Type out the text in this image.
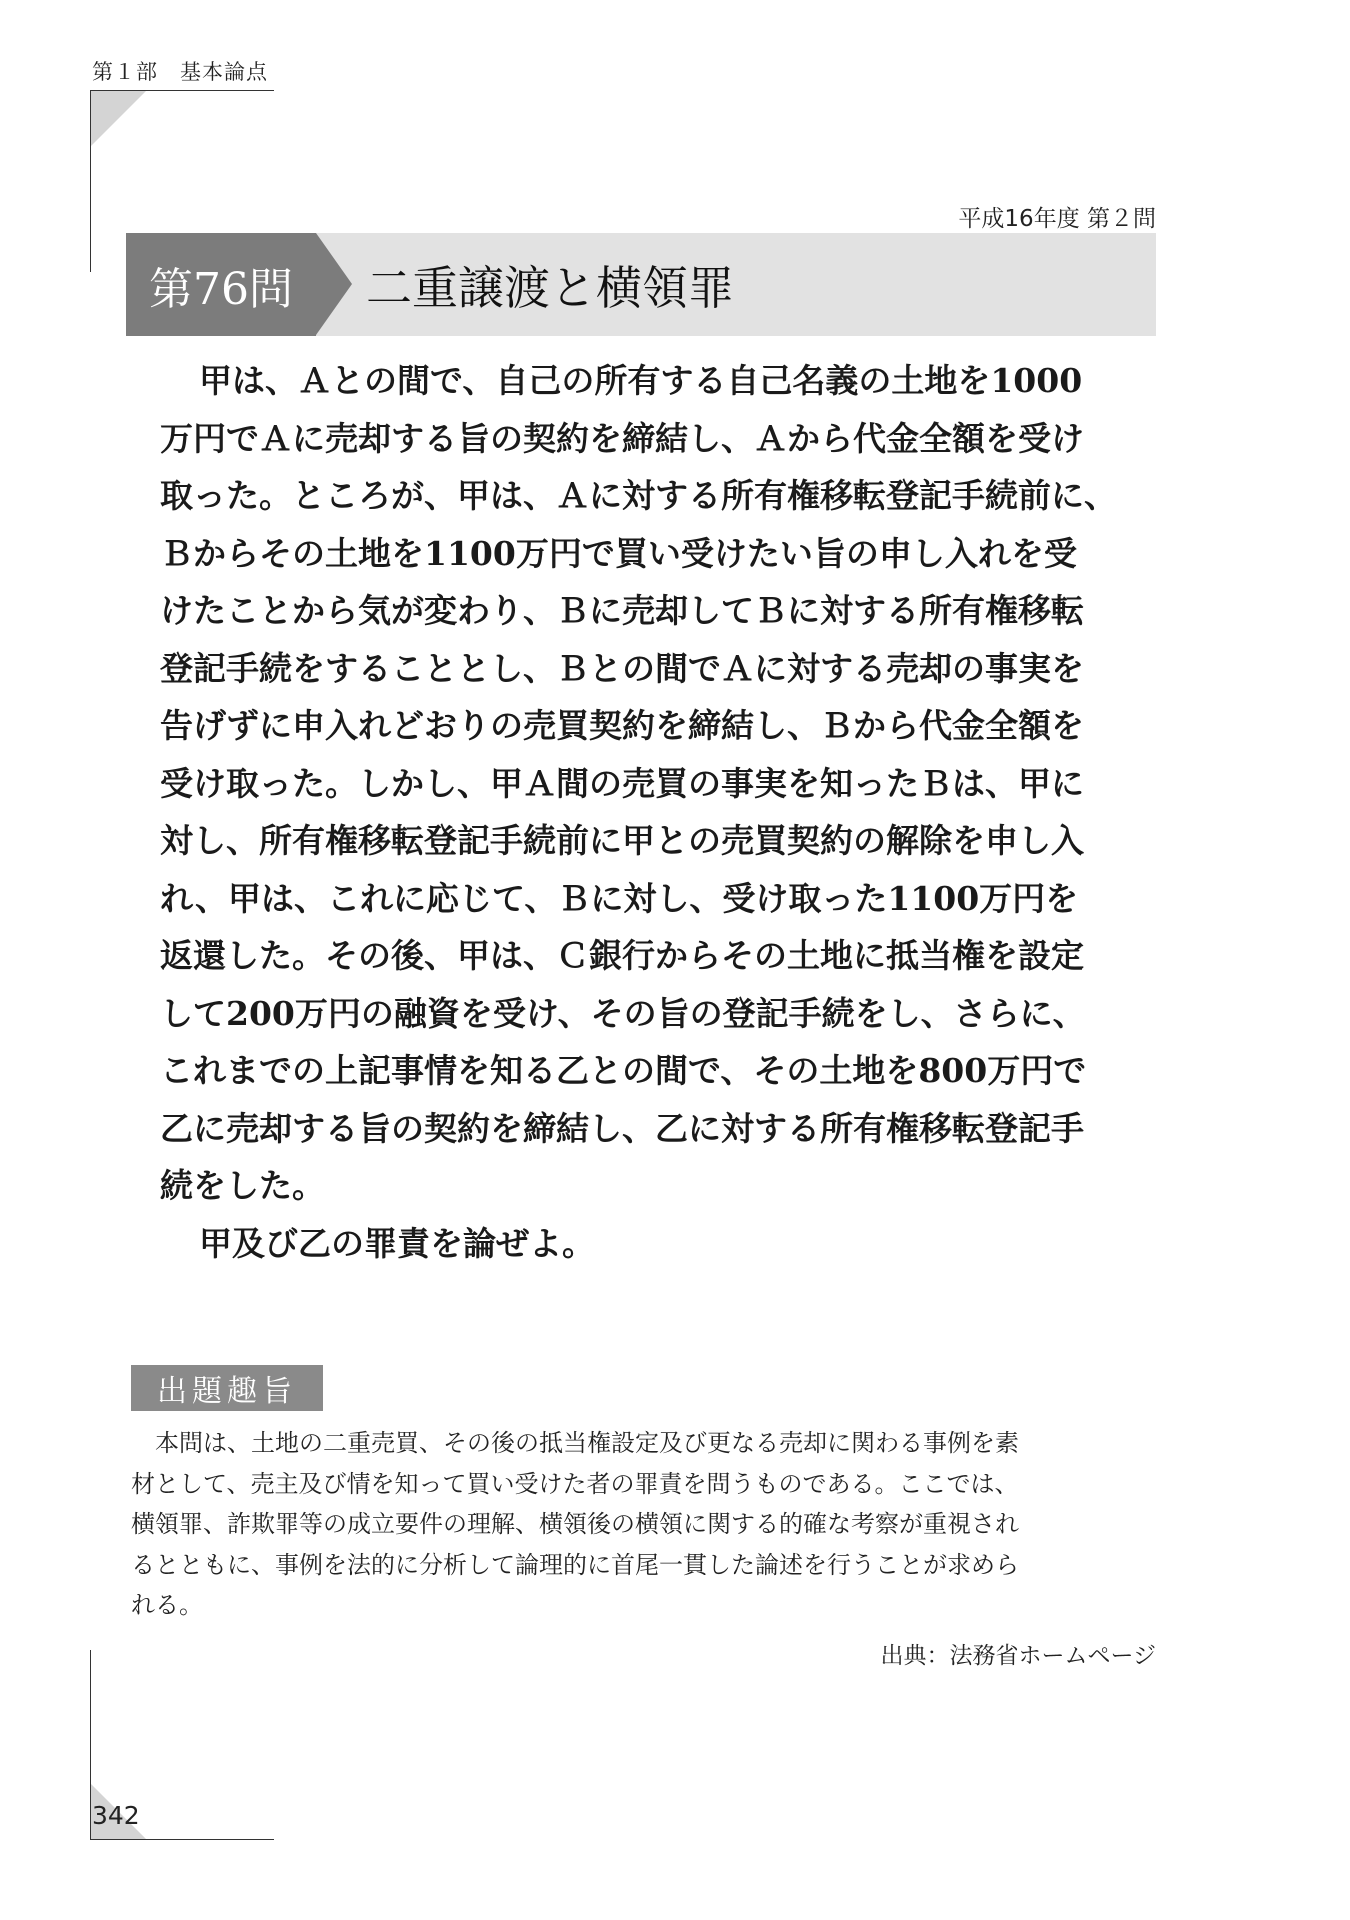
第１部 基本論点
平成16年度 第２問
第76問	二重譲渡と横領罪

甲は、Ａとの間で、自己の所有する自己名義の土地を1000

万円でＡに売却する旨の契約を締結し、Ａから代金全額を受け

取った。ところが、甲は、Ａに対する所有権移転登記手続前に、

Ｂからその土地を1100万円で買い受けたい旨の申し入れを受

けたことから気が変わり、Ｂに売却してＢに対する所有権移転

登記手続をすることとし、Ｂとの間でＡに対する売却の事実を

告げずに申入れどおりの売買契約を締結し、Ｂから代金全額を

受け取った。しかし、甲Ａ間の売買の事実を知ったＢは、甲に

対し、所有権移転登記手続前に甲との売買契約の解除を申し入

れ、甲は、これに応じて、Ｂに対し、受け取った1100万円を

返還した。その後、甲は、Ｃ銀行からその土地に抵当権を設定

して200万円の融資を受け、その旨の登記手続をし、さらに、

これまでの上記事情を知る乙との間で、その土地を800万円で

乙に売却する旨の契約を締結し、乙に対する所有権移転登記手

続をした。

甲及び乙の罪責を論ぜよ。

出題趣旨

本問は、土地の二重売買、その後の抵当権設定及び更なる売却に関わる事例を素

材として、売主及び情を知って買い受けた者の罪責を問うものである。ここでは、

横領罪、詐欺罪等の成立要件の理解、横領後の横領に関する的確な考察が重視され

るとともに、事例を法的に分析して論理的に首尾一貫した論述を行うことが求めら

れる。

出典：法務省ホームページ
342
